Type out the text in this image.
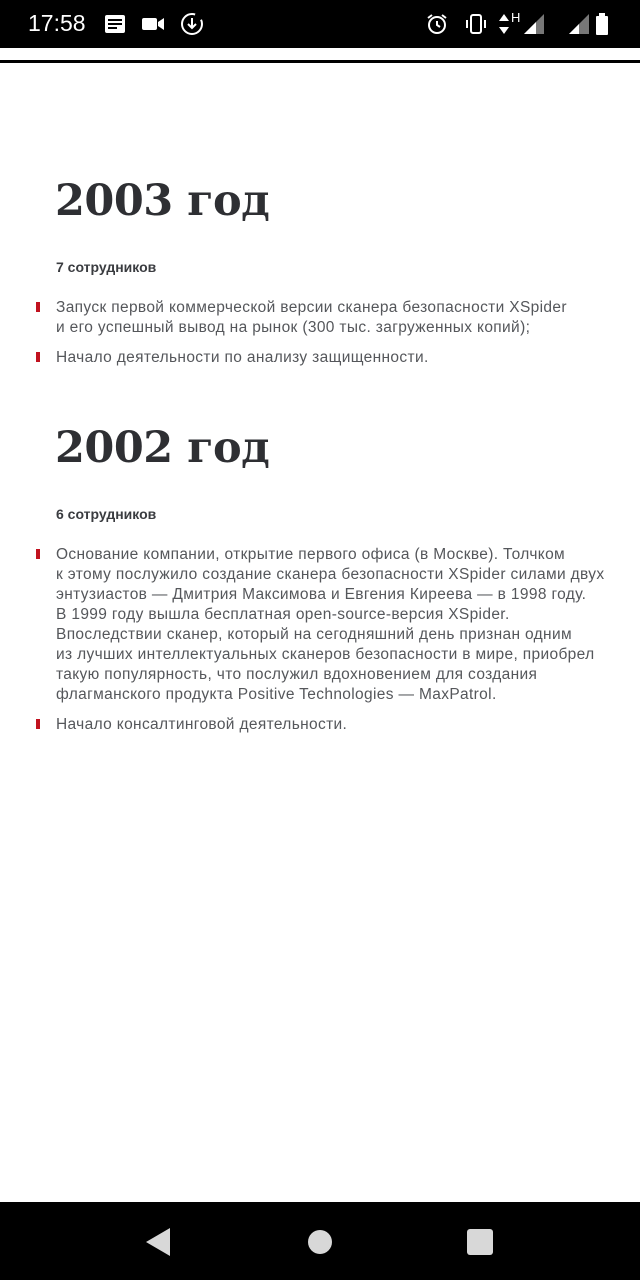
17:58	H
2003 год

7 сотрудников

Запуск первой коммерческой версии сканера безопасности XSpider
и его успешный вывод на рынок (300 тыс. загруженных копий);
Начало деятельности по анализу защищенности.
2002 год

6 сотрудников

Основание компании, открытие первого офиса (в Москве). Толчком
к этому послужило создание сканера безопасности XSpider силами двух
энтузиастов — Дмитрия Максимова и Евгения Киреева — в 1998 году.
В 1999 году вышла бесплатная open-source-версия XSpider.
Впоследствии сканер, который на сегодняшний день признан одним
из лучших интеллектуальных сканеров безопасности в мире, приобрел
такую популярность, что послужил вдохновением для создания
флагманского продукта Positive Technologies — MaxPatrol.
Начало консалтинговой деятельности.
